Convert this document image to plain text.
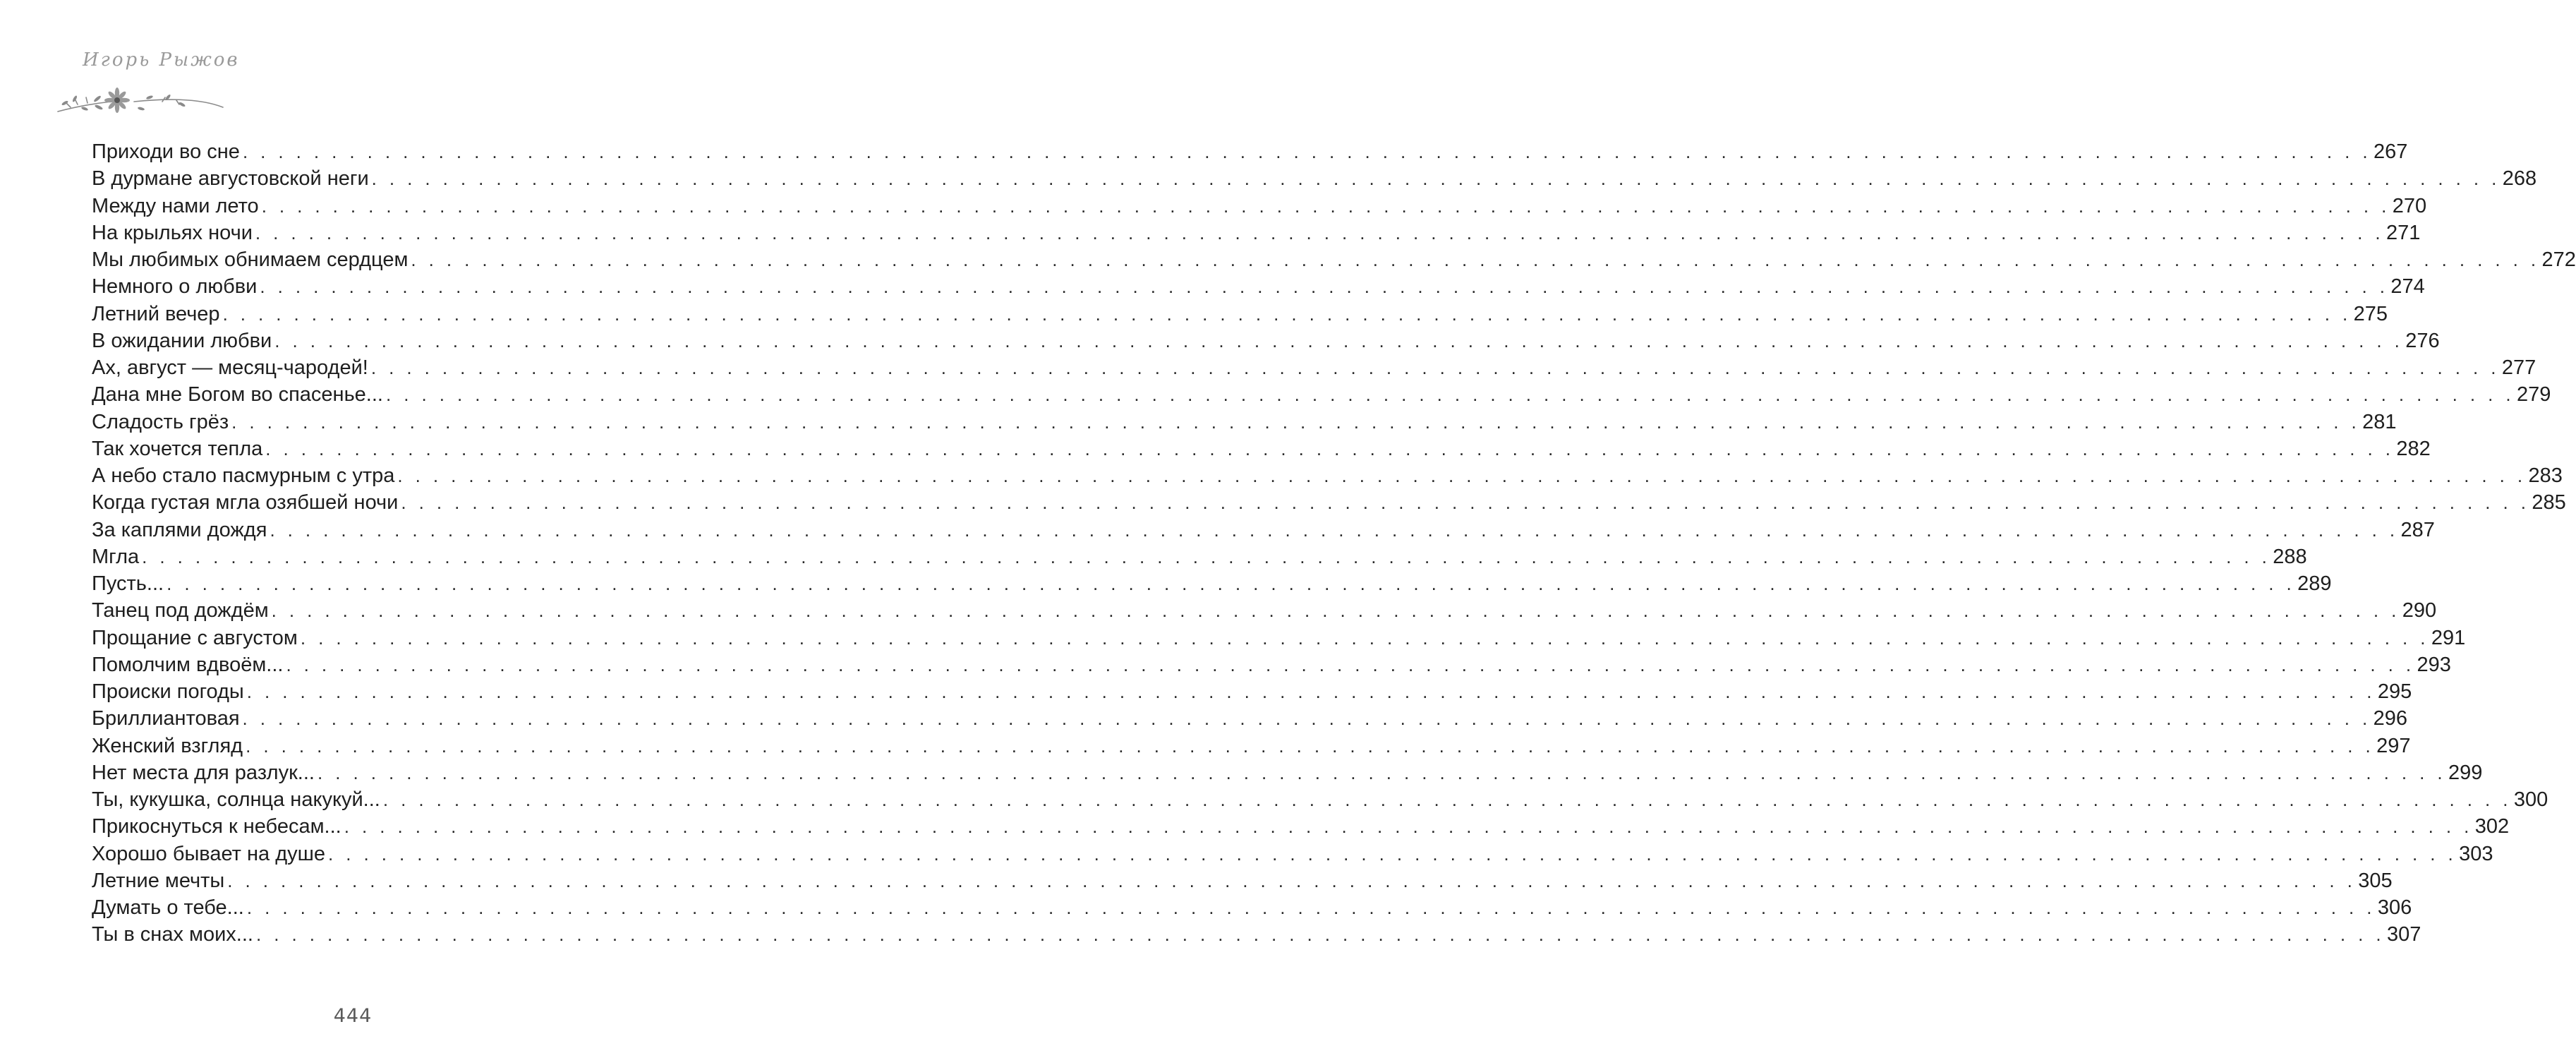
Игорь Рыжов
Приходи во сне . . . . . . . . . . . . . . . . . . . . . . . . . . . . . . . . . . . . . . . . . . . . . . . . . . . . . . . . . . . . . . . . . . . . . . . . . . . . . . . . . . . . . . . . . . . . . . . . . . . . . . . . . . . . . . . . . . . . . . . . 267
В дурмане августовской неги . . . . . . . . . . . . . . . . . . . . . . . . . . . . . . . . . . . . . . . . . . . . . . . . . . . . . . . . . . . . . . . . . . . . . . . . . . . . . . . . . . . . . . . . . . . . . . . . . . . . . . . . . . . . . . . . . . . . . . . . 268
Между нами лето . . . . . . . . . . . . . . . . . . . . . . . . . . . . . . . . . . . . . . . . . . . . . . . . . . . . . . . . . . . . . . . . . . . . . . . . . . . . . . . . . . . . . . . . . . . . . . . . . . . . . . . . . . . . . . . . . . . . . . . . 270
На крыльях ночи . . . . . . . . . . . . . . . . . . . . . . . . . . . . . . . . . . . . . . . . . . . . . . . . . . . . . . . . . . . . . . . . . . . . . . . . . . . . . . . . . . . . . . . . . . . . . . . . . . . . . . . . . . . . . . . . . . . . . . . . 271
Мы любимых обнимаем сердцем . . . . . . . . . . . . . . . . . . . . . . . . . . . . . . . . . . . . . . . . . . . . . . . . . . . . . . . . . . . . . . . . . . . . . . . . . . . . . . . . . . . . . . . . . . . . . . . . . . . . . . . . . . . . . . . . . . . . . . . . 272
Немного о любви . . . . . . . . . . . . . . . . . . . . . . . . . . . . . . . . . . . . . . . . . . . . . . . . . . . . . . . . . . . . . . . . . . . . . . . . . . . . . . . . . . . . . . . . . . . . . . . . . . . . . . . . . . . . . . . . . . . . . . . . 274
Летний вечер . . . . . . . . . . . . . . . . . . . . . . . . . . . . . . . . . . . . . . . . . . . . . . . . . . . . . . . . . . . . . . . . . . . . . . . . . . . . . . . . . . . . . . . . . . . . . . . . . . . . . . . . . . . . . . . . . . . . . . . . 275
В ожидании любви . . . . . . . . . . . . . . . . . . . . . . . . . . . . . . . . . . . . . . . . . . . . . . . . . . . . . . . . . . . . . . . . . . . . . . . . . . . . . . . . . . . . . . . . . . . . . . . . . . . . . . . . . . . . . . . . . . . . . . . . 276
Ах, август — месяц-чародей! . . . . . . . . . . . . . . . . . . . . . . . . . . . . . . . . . . . . . . . . . . . . . . . . . . . . . . . . . . . . . . . . . . . . . . . . . . . . . . . . . . . . . . . . . . . . . . . . . . . . . . . . . . . . . . . . . . . . . . . . 277
Дана мне Богом во спасенье... . . . . . . . . . . . . . . . . . . . . . . . . . . . . . . . . . . . . . . . . . . . . . . . . . . . . . . . . . . . . . . . . . . . . . . . . . . . . . . . . . . . . . . . . . . . . . . . . . . . . . . . . . . . . . . . . . . . . . . . . 279
Сладость грёз . . . . . . . . . . . . . . . . . . . . . . . . . . . . . . . . . . . . . . . . . . . . . . . . . . . . . . . . . . . . . . . . . . . . . . . . . . . . . . . . . . . . . . . . . . . . . . . . . . . . . . . . . . . . . . . . . . . . . . . . 281
Так хочется тепла . . . . . . . . . . . . . . . . . . . . . . . . . . . . . . . . . . . . . . . . . . . . . . . . . . . . . . . . . . . . . . . . . . . . . . . . . . . . . . . . . . . . . . . . . . . . . . . . . . . . . . . . . . . . . . . . . . . . . . . . 282
А небо стало пасмурным с утра . . . . . . . . . . . . . . . . . . . . . . . . . . . . . . . . . . . . . . . . . . . . . . . . . . . . . . . . . . . . . . . . . . . . . . . . . . . . . . . . . . . . . . . . . . . . . . . . . . . . . . . . . . . . . . . . . . . . . . . . 283
Когда густая мгла озябшей ночи . . . . . . . . . . . . . . . . . . . . . . . . . . . . . . . . . . . . . . . . . . . . . . . . . . . . . . . . . . . . . . . . . . . . . . . . . . . . . . . . . . . . . . . . . . . . . . . . . . . . . . . . . . . . . . . . . . . . . . . . 285
За каплями дождя . . . . . . . . . . . . . . . . . . . . . . . . . . . . . . . . . . . . . . . . . . . . . . . . . . . . . . . . . . . . . . . . . . . . . . . . . . . . . . . . . . . . . . . . . . . . . . . . . . . . . . . . . . . . . . . . . . . . . . . . 287
Мгла . . . . . . . . . . . . . . . . . . . . . . . . . . . . . . . . . . . . . . . . . . . . . . . . . . . . . . . . . . . . . . . . . . . . . . . . . . . . . . . . . . . . . . . . . . . . . . . . . . . . . . . . . . . . . . . . . . . . . . . . 288
Пусть... . . . . . . . . . . . . . . . . . . . . . . . . . . . . . . . . . . . . . . . . . . . . . . . . . . . . . . . . . . . . . . . . . . . . . . . . . . . . . . . . . . . . . . . . . . . . . . . . . . . . . . . . . . . . . . . . . . . . . . . . 289
Танец под дождём . . . . . . . . . . . . . . . . . . . . . . . . . . . . . . . . . . . . . . . . . . . . . . . . . . . . . . . . . . . . . . . . . . . . . . . . . . . . . . . . . . . . . . . . . . . . . . . . . . . . . . . . . . . . . . . . . . . . . . . . 290
Прощание с августом . . . . . . . . . . . . . . . . . . . . . . . . . . . . . . . . . . . . . . . . . . . . . . . . . . . . . . . . . . . . . . . . . . . . . . . . . . . . . . . . . . . . . . . . . . . . . . . . . . . . . . . . . . . . . . . . . . . . . . . . 291
Помолчим вдвоём... . . . . . . . . . . . . . . . . . . . . . . . . . . . . . . . . . . . . . . . . . . . . . . . . . . . . . . . . . . . . . . . . . . . . . . . . . . . . . . . . . . . . . . . . . . . . . . . . . . . . . . . . . . . . . . . . . . . . . . . . 293
Происки погоды . . . . . . . . . . . . . . . . . . . . . . . . . . . . . . . . . . . . . . . . . . . . . . . . . . . . . . . . . . . . . . . . . . . . . . . . . . . . . . . . . . . . . . . . . . . . . . . . . . . . . . . . . . . . . . . . . . . . . . . . 295
Бриллиантовая . . . . . . . . . . . . . . . . . . . . . . . . . . . . . . . . . . . . . . . . . . . . . . . . . . . . . . . . . . . . . . . . . . . . . . . . . . . . . . . . . . . . . . . . . . . . . . . . . . . . . . . . . . . . . . . . . . . . . . . . 296
Женский взгляд . . . . . . . . . . . . . . . . . . . . . . . . . . . . . . . . . . . . . . . . . . . . . . . . . . . . . . . . . . . . . . . . . . . . . . . . . . . . . . . . . . . . . . . . . . . . . . . . . . . . . . . . . . . . . . . . . . . . . . . . 297
Нет места для разлук... . . . . . . . . . . . . . . . . . . . . . . . . . . . . . . . . . . . . . . . . . . . . . . . . . . . . . . . . . . . . . . . . . . . . . . . . . . . . . . . . . . . . . . . . . . . . . . . . . . . . . . . . . . . . . . . . . . . . . . . . 299
Ты, кукушка, солнца накукуй... . . . . . . . . . . . . . . . . . . . . . . . . . . . . . . . . . . . . . . . . . . . . . . . . . . . . . . . . . . . . . . . . . . . . . . . . . . . . . . . . . . . . . . . . . . . . . . . . . . . . . . . . . . . . . . . . . . . . . . . . 300
Прикоснуться к небесам... . . . . . . . . . . . . . . . . . . . . . . . . . . . . . . . . . . . . . . . . . . . . . . . . . . . . . . . . . . . . . . . . . . . . . . . . . . . . . . . . . . . . . . . . . . . . . . . . . . . . . . . . . . . . . . . . . . . . . . . . 302
Хорошо бывает на душе . . . . . . . . . . . . . . . . . . . . . . . . . . . . . . . . . . . . . . . . . . . . . . . . . . . . . . . . . . . . . . . . . . . . . . . . . . . . . . . . . . . . . . . . . . . . . . . . . . . . . . . . . . . . . . . . . . . . . . . . 303
Летние мечты . . . . . . . . . . . . . . . . . . . . . . . . . . . . . . . . . . . . . . . . . . . . . . . . . . . . . . . . . . . . . . . . . . . . . . . . . . . . . . . . . . . . . . . . . . . . . . . . . . . . . . . . . . . . . . . . . . . . . . . . 305
Думать о тебе... . . . . . . . . . . . . . . . . . . . . . . . . . . . . . . . . . . . . . . . . . . . . . . . . . . . . . . . . . . . . . . . . . . . . . . . . . . . . . . . . . . . . . . . . . . . . . . . . . . . . . . . . . . . . . . . . . . . . . . . . 306
Ты в снах моих... . . . . . . . . . . . . . . . . . . . . . . . . . . . . . . . . . . . . . . . . . . . . . . . . . . . . . . . . . . . . . . . . . . . . . . . . . . . . . . . . . . . . . . . . . . . . . . . . . . . . . . . . . . . . . . . . . . . . . . . . 307
444
